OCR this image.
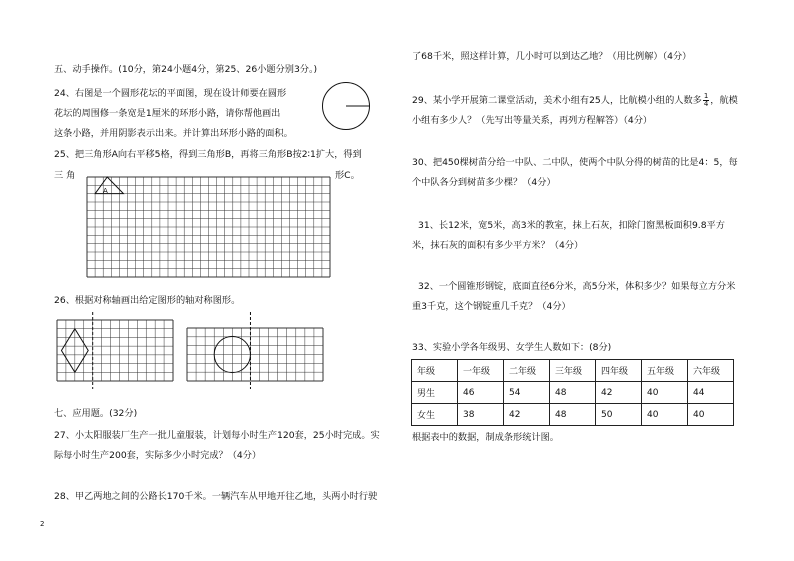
五、动手操作。(10分，第24小题4分，第25、26小题分别3分。)
24、右图是一个圆形花坛的平面图，现在设计师要在圆形
花坛的周围修一条宽是1厘米的环形小路，请你帮他画出
这条小路，并用阴影表示出来。并计算出环形小路的面积。
25、把三角形A向右平移5格，得到三角形B，再将三角形B按2∶1扩大，得到
三 角	形C。
A
26、根据对称轴画出给定图形的轴对称图形。
七、应用题。(32分)
27、小太阳服装厂生产一批儿童服装，计划每小时生产120套，25小时完成。实
际每小时生产200套，实际多少小时完成？（4分）
28、甲乙两地之间的公路长170千米。一辆汽车从甲地开往乙地，头两小时行驶
2
了68千米，照这样计算，几小时可以到达乙地？（用比例解）（4分）
29、某小学开展第二课堂活动，美术小组有25人，比航模小组的人数多 $\frac{1}{4}$ ，航模
小组有多少人？（先写出等量关系，再列方程解答）（4分）
30、把450棵树苗分给一中队、二中队，使两个中队分得的树苗的比是4：5，每
个中队各分到树苗多少棵？（4分）
31、长12米，宽5米，高3米的教室，抹上石灰，扣除门窗黑板面积9.8平方
米，抹石灰的面积有多少平方米？（4分）
32、一个圆锥形钢锭，底面直径6分米，高5分米，体积多少？如果每立方分米
重3千克，这个钢锭重几千克？（4分）
33、实验小学各年级男、女学生人数如下：(8分)
年级	一年级	二年级	三年级	四年级	五年级	六年级
男生	46	54	48	42	40	44
女生	38	42	48	50	40	40
根据表中的数据，制成条形统计图。
